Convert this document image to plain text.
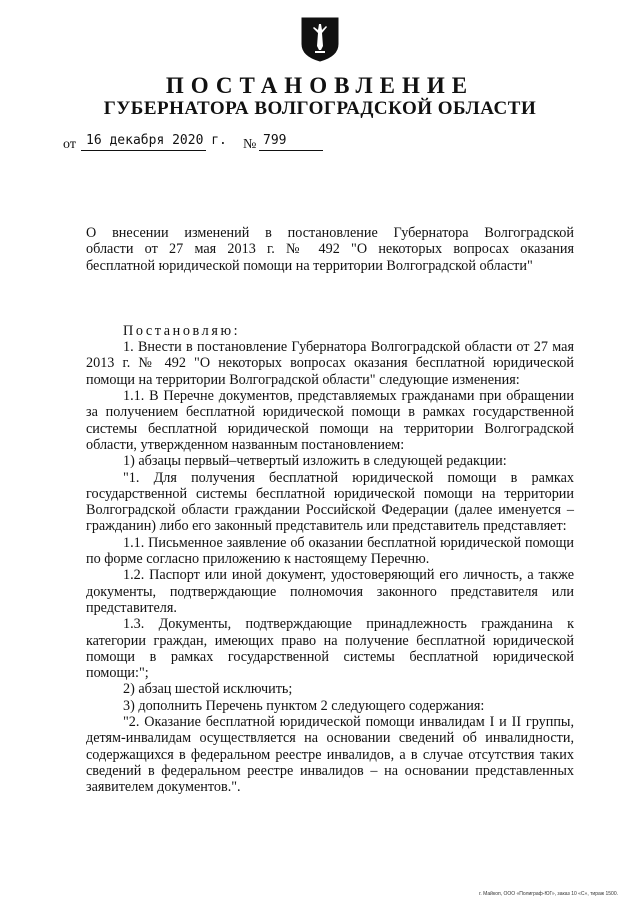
ПОСТАНОВЛЕНИЕ
ГУБЕРНАТОРА ВОЛГОГРАДСКОЙ ОБЛАСТИ
от 16 декабря 2020 г. № 799
О внесении изменений в постановление Губернатора Волгоградской
области от 27 мая 2013 г. № 492 "О некоторых вопросах оказания
бесплатной юридической помощи на территории Волгоградской области"

Постановляю:

1. Внести в постановление Губернатора Волгоградской области от 27 мая 2013 г. № 492 "О некоторых вопросах оказания бесплатной юридической помощи на территории Волгоградской области" следующие изменения:

1.1. В Перечне документов, представляемых гражданами при обращении за получением бесплатной юридической помощи в рамках государственной системы бесплатной юридической помощи на территории Волгоградской области, утвержденном названным постановлением:

1) абзацы первый–четвертый изложить в следующей редакции:

"1. Для получения бесплатной юридической помощи в рамках государственной системы бесплатной юридической помощи на территории Волгоградской области граждании Российской Федерации (далее именуется – гражданин) либо его законный представитель или представитель представляет:

1.1. Письменное заявление об оказании бесплатной юридической помощи по форме согласно приложению к настоящему Перечню.

1.2. Паспорт или иной документ, удостоверяющий его личность, а также документы, подтверждающие полномочия законного представителя или представителя.

1.3. Документы, подтверждающие принадлежность гражданина к категории граждан, имеющих право на получение бесплатной юридической помощи в рамках государственной системы бесплатной юридической помощи:";

2) абзац шестой исключить;

3) дополнить Перечень пунктом 2 следующего содержания:

"2. Оказание бесплатной юридической помощи инвалидам I и II группы, детям-инвалидам осуществляется на основании сведений об инвалидности, содержащихся в федеральном реестре инвалидов, а в случае отсутствия таких сведений в федеральном реестре инвалидов – на основании представленных заявителем документов.".

г. Майкоп, ООО «Полиграф-ЮГ», заказ 10 «С», тираж 1500.
